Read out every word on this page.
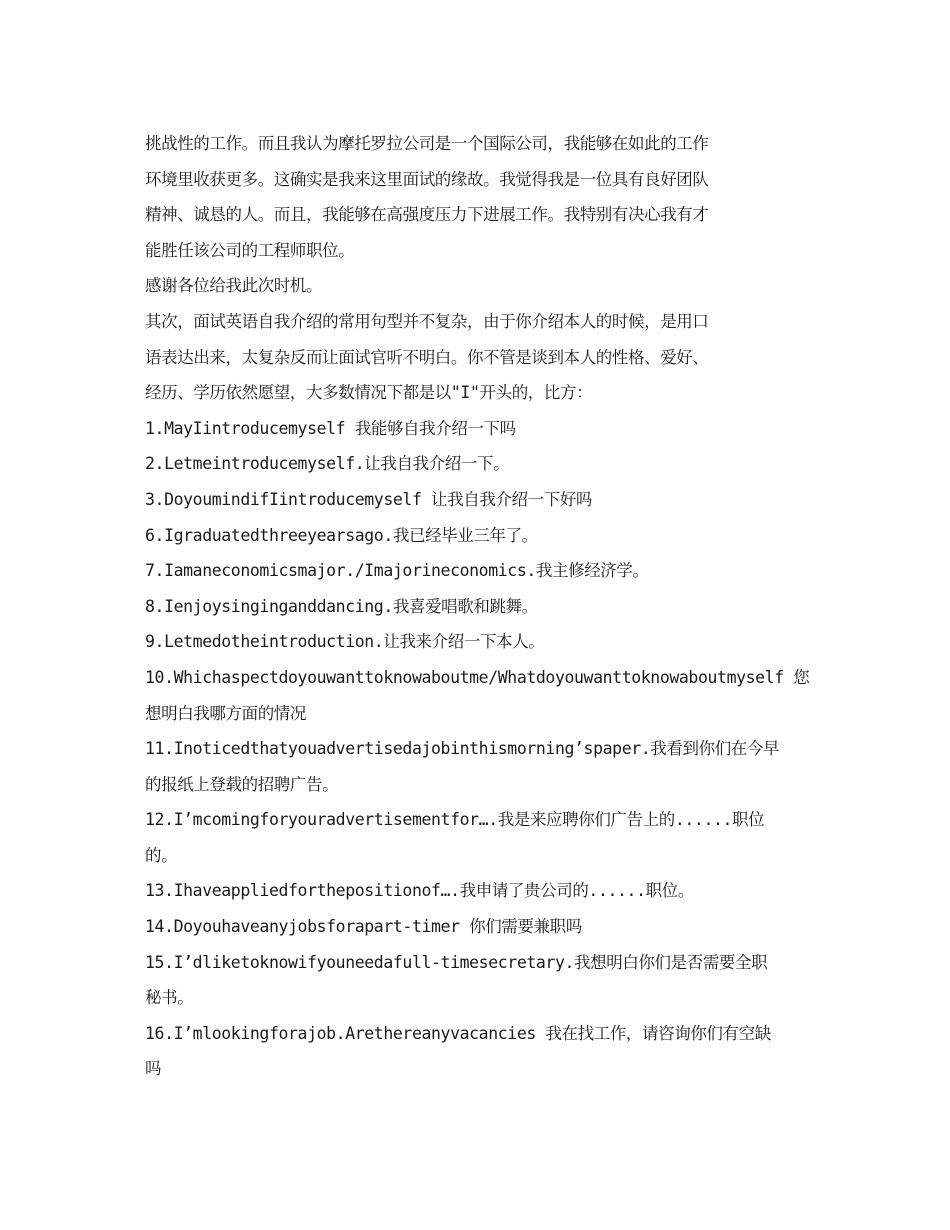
挑战性的工作。而且我认为摩托罗拉公司是一个国际公司，我能够在如此的工作
环境里收获更多。这确实是我来这里面试的缘故。我觉得我是一位具有良好团队
精神、诚恳的人。而且，我能够在高强度压力下进展工作。我特别有决心我有才
能胜任该公司的工程师职位。
感谢各位给我此次时机。
其次，面试英语自我介绍的常用句型并不复杂，由于你介绍本人的时候，是用口
语表达出来，太复杂反而让面试官听不明白。你不管是谈到本人的性格、爱好、
经历、学历依然愿望，大多数情况下都是以"I"开头的，比方：
1.MayIintroducemyself 我能够自我介绍一下吗
2.Letmeintroducemyself.让我自我介绍一下。
3.DoyoumindifIintroducemyself 让我自我介绍一下好吗
6.Igraduatedthreeyearsago.我已经毕业三年了。
7.Iamaneconomicsmajor./Imajorineconomics.我主修经济学。
8.Ienjoysinginganddancing.我喜爱唱歌和跳舞。
9.Letmedotheintroduction.让我来介绍一下本人。
10.Whichaspectdoyouwanttoknowaboutme/Whatdoyouwanttoknowaboutmyself 您
想明白我哪方面的情况
11.Inoticedthatyouadvertisedajobinthismorning’spaper.我看到你们在今早
的报纸上登载的招聘广告。
12.I’mcomingforyouradvertisementfor….我是来应聘你们广告上的......职位
的。
13.Ihaveappliedforthepositionof….我申请了贵公司的......职位。
14.Doyouhaveanyjobsforapart-timer 你们需要兼职吗
15.I’dliketoknowifyouneedafull-timesecretary.我想明白你们是否需要全职
秘书。
16.I’mlookingforajob.Arethereanyvacancies 我在找工作，请咨询你们有空缺
吗
